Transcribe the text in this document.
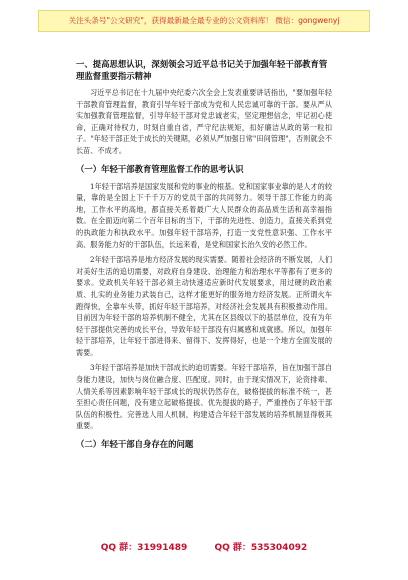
关注头条号"公文研究"，获得最新最全最专业的公文资料库！ 微信：gongwenyj
一、提高思想认识，深刻领会习近平总书记关于加强年轻干部教育管理监督重要指示精神

习近平总书记在十九届中央纪委六次全会上发表重要讲话指出，"要加强年轻干部教育管理监督，教育引导年轻干部成为党和人民忠诚可靠的干部。要从严从实加强教育管理监督，引导年轻干部对党忠诚老实，坚定理想信念，牢记初心使命，正确对待权力，时刻自重自省，严守纪法规矩，扣好廉洁从政的第一粒扣子。"年轻干部正处于成长的关键期，必须从严加强日常"田间管理"，否则就会不长苗、不成才。

（一）年轻干部教育管理监督工作的思考认识

1年轻干部培养是国家发展和党的事业的根基。党和国家事业靠的是人才的较量，靠的是全国上下千千万万的党员干部的共同努力。领导干部工作能力的高地，工作水平的高地，都直接关系着最广大人民群众的高品质生活和高幸福指数。在全面迈向第二个百年目标的当下，干部的先进性、创造力，直接关系到党的执政能力和执政水平。加强年轻干部培养，打造一支党性意识强、工作水平高、服务能力好的干部队伍，长远来看，是党和国家长治久安的必然工作。

2年轻干部培养是地方经济发展的现实需要。随着社会经济的不断发展，人们对美好生活的追切需要，对政府自身建设、治理能力和治理水平等都有了更多的要求。党政机关年轻干部必须主动快速适应新时代发展要求，用过硬的政治素质、扎实的业务能力武装自己，这样才能更好的服务地方经济发展。正所谓火车跑得快，全靠车头带，抓好年轻干部培养，对经济社会发展具有积极推动作用。目前因为年轻干部的培养机制不健全，尤其在区县级以下的基层单位，没有为年轻干部提供完善的成长平台，导致年轻干部没有归属感和成就感。所以，加强年轻干部培养，让年轻干部进得来、留得下、发挥得好，也是一个地方全面发展的需要。

3年轻干部培养是加快干部成长的迫切需要。年轻干部培养，旨在加强干部自身能力建设，加快与岗位融合度、匹配度。同时，由于现实情况下，论资排辈、人情关系等因素影响年轻干部成长的现状仍然存在，破格提拔的标准不统一，甚至担心责任问题，没有建立起破格提拔、优先提拔的路子，严重挫伤了年轻干部队伍的积极性。完善选人用人机制，构建适合年轻干部发展的培养机制显得极其重要。

（二）年轻干部自身存在的问题
QQ 群：31991489	QQ 群：535304092
